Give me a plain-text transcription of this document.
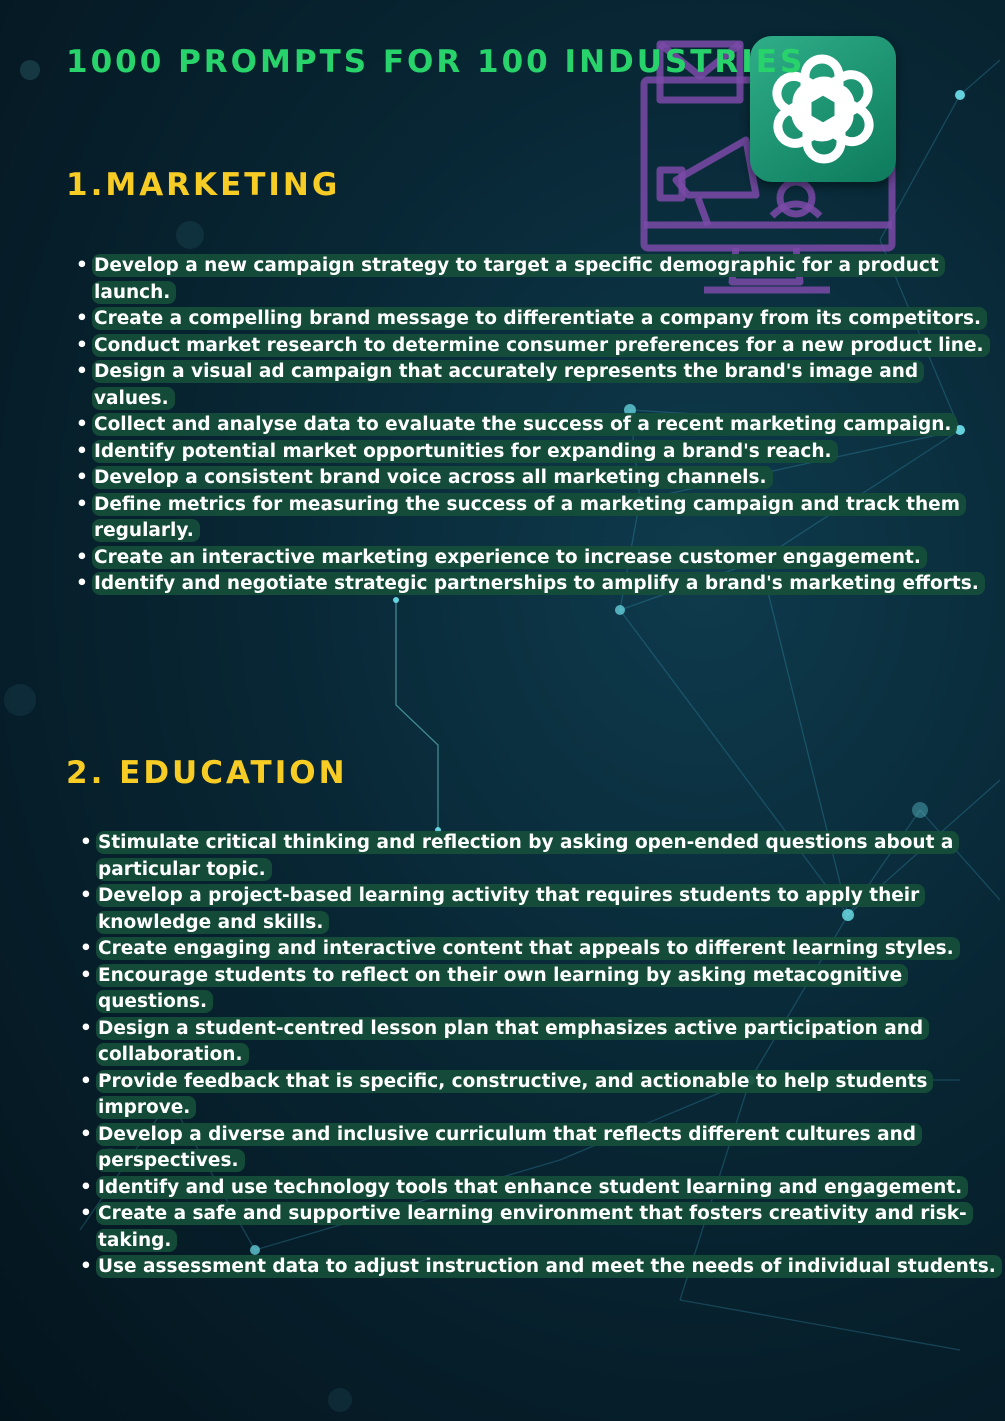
1000 PROMPTS FOR 100 INDUSTRIES
1.MARKETING
• Develop a new campaign strategy to target a specific demographic for a product launch.
• Create a compelling brand message to differentiate a company from its competitors.
• Conduct market research to determine consumer preferences for a new product line.
• Design a visual ad campaign that accurately represents the brand's image and values.
• Collect and analyse data to evaluate the success of a recent marketing campaign.
• Identify potential market opportunities for expanding a brand's reach.
• Develop a consistent brand voice across all marketing channels.
• Define metrics for measuring the success of a marketing campaign and track them regularly.
• Create an interactive marketing experience to increase customer engagement.
• Identify and negotiate strategic partnerships to amplify a brand's marketing efforts.
2. EDUCATION
• Stimulate critical thinking and reflection by asking open-ended questions about a particular topic.
• Develop a project-based learning activity that requires students to apply their knowledge and skills.
• Create engaging and interactive content that appeals to different learning styles.
• Encourage students to reflect on their own learning by asking metacognitive questions.
• Design a student-centred lesson plan that emphasizes active participation and collaboration.
• Provide feedback that is specific, constructive, and actionable to help students improve.
• Develop a diverse and inclusive curriculum that reflects different cultures and perspectives.
• Identify and use technology tools that enhance student learning and engagement.
• Create a safe and supportive learning environment that fosters creativity and risk-taking.
• Use assessment data to adjust instruction and meet the needs of individual students.
